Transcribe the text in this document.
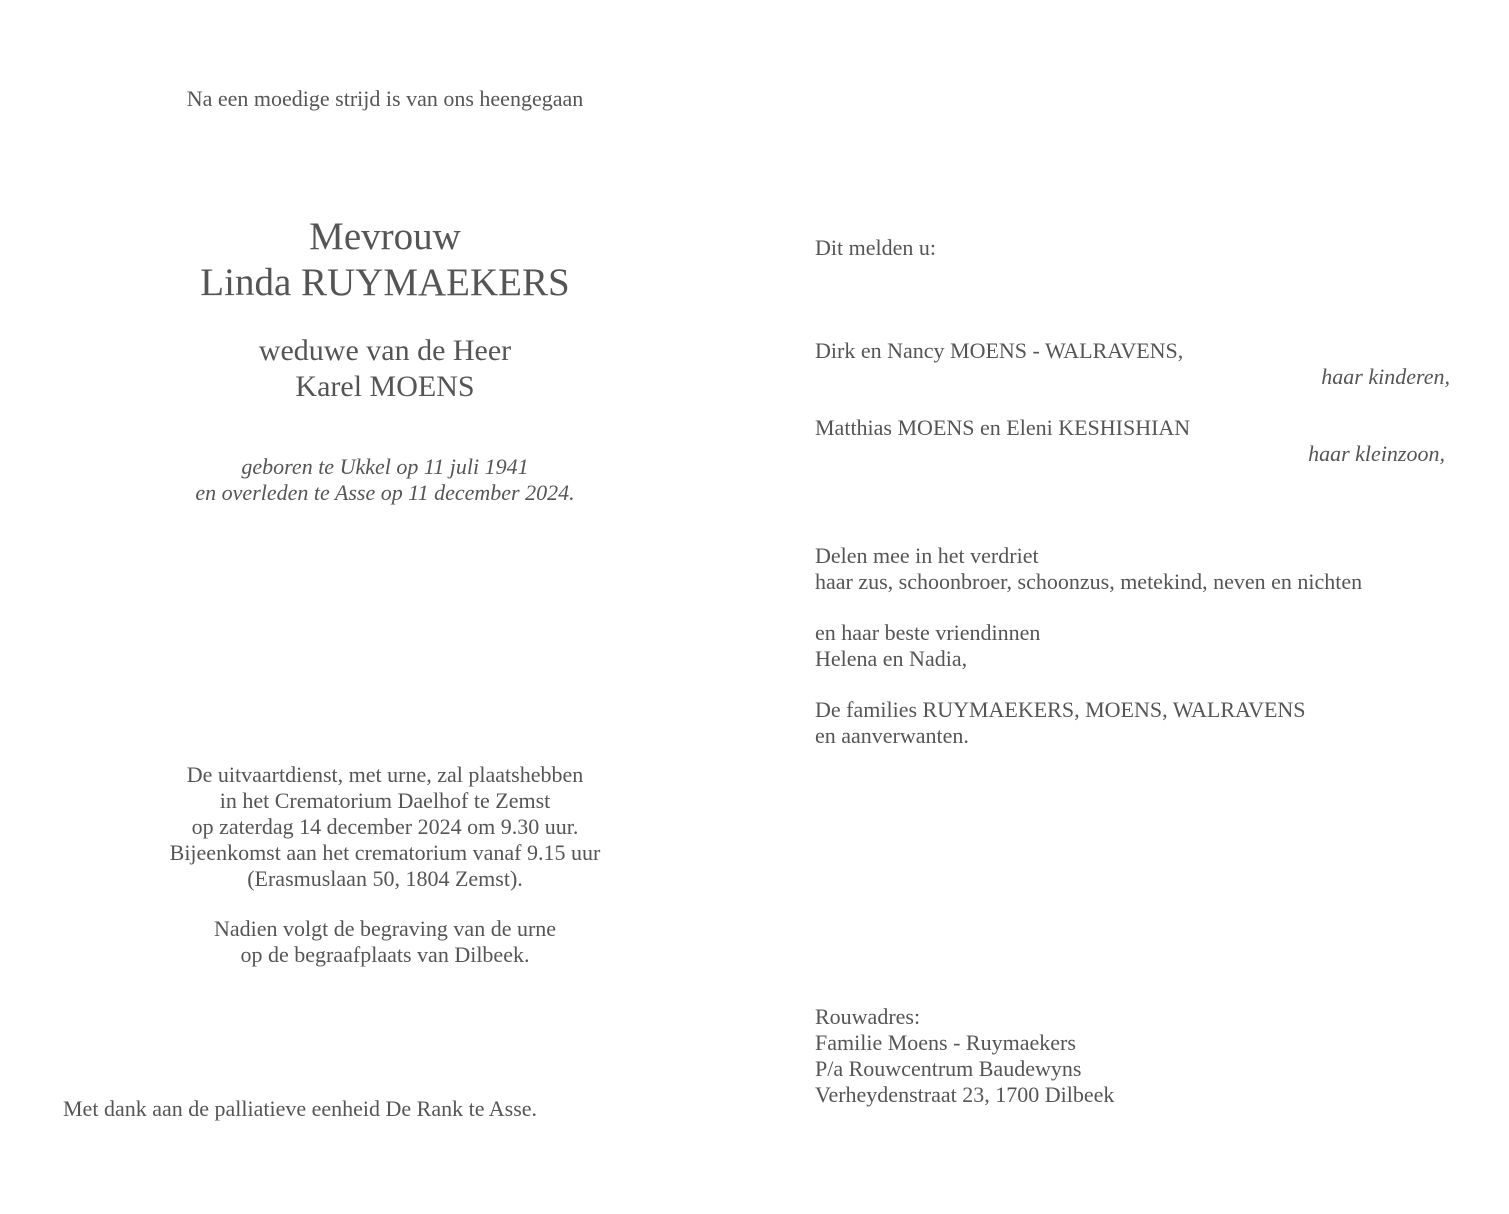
Na een moedige strijd is van ons heengegaan
Mevrouw
Linda RUYMAEKERS
weduwe van de Heer
Karel MOENS
geboren te Ukkel op 11 juli 1941
en overleden te Asse op 11 december 2024.
De uitvaartdienst, met urne, zal plaatshebben
in het Crematorium Daelhof te Zemst
op zaterdag 14 december 2024 om 9.30 uur.
Bijeenkomst aan het crematorium vanaf 9.15 uur
(Erasmuslaan 50, 1804 Zemst).
Nadien volgt de begraving van de urne
op de begraafplaats van Dilbeek.
Met dank aan de palliatieve eenheid De Rank te Asse.
Dit melden u:
Dirk en Nancy MOENS - WALRAVENS,
haar kinderen,
Matthias MOENS en Eleni KESHISHIAN
haar kleinzoon,
Delen mee in het verdriet
haar zus, schoonbroer, schoonzus, metekind, neven en nichten
en haar beste vriendinnen
Helena en Nadia,
De families RUYMAEKERS, MOENS, WALRAVENS
en aanverwanten.
Rouwadres:
Familie Moens - Ruymaekers
P/a Rouwcentrum Baudewyns
Verheydenstraat 23, 1700 Dilbeek
